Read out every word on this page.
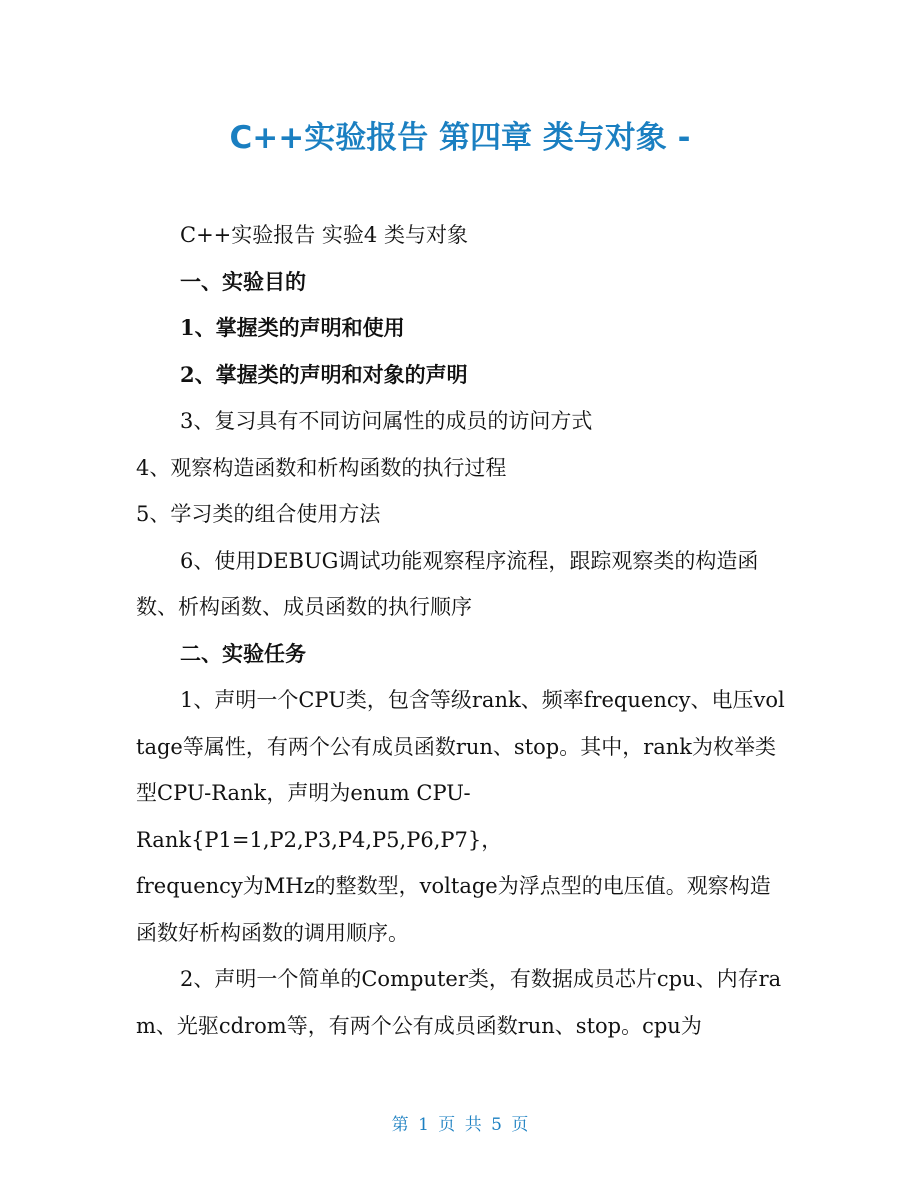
C++实验报告 第四章 类与对象 -

C++实验报告 实验4 类与对象

一、实验目的

1、掌握类的声明和使用

2、掌握类的声明和对象的声明

3、复习具有不同访问属性的成员的访问方式

4、观察构造函数和析构函数的执行过程

5、学习类的组合使用方法

6、使用DEBUG调试功能观察程序流程，跟踪观察类的构造函数、析构函数、成员函数的执行顺序

二、实验任务

1、声明一个CPU类，包含等级rank、频率frequency、电压voltage等属性，有两个公有成员函数run、stop。其中，rank为枚举类型CPU-Rank，声明为enum CPU-

Rank{P1=1,P2,P3,P4,P5,P6,P7}，

frequency为MHz的整数型，voltage为浮点型的电压值。观察构造函数好析构函数的调用顺序。

2、声明一个简单的Computer类，有数据成员芯片cpu、内存ram、光驱cdrom等，有两个公有成员函数run、stop。cpu为

第 1 页 共 5 页
